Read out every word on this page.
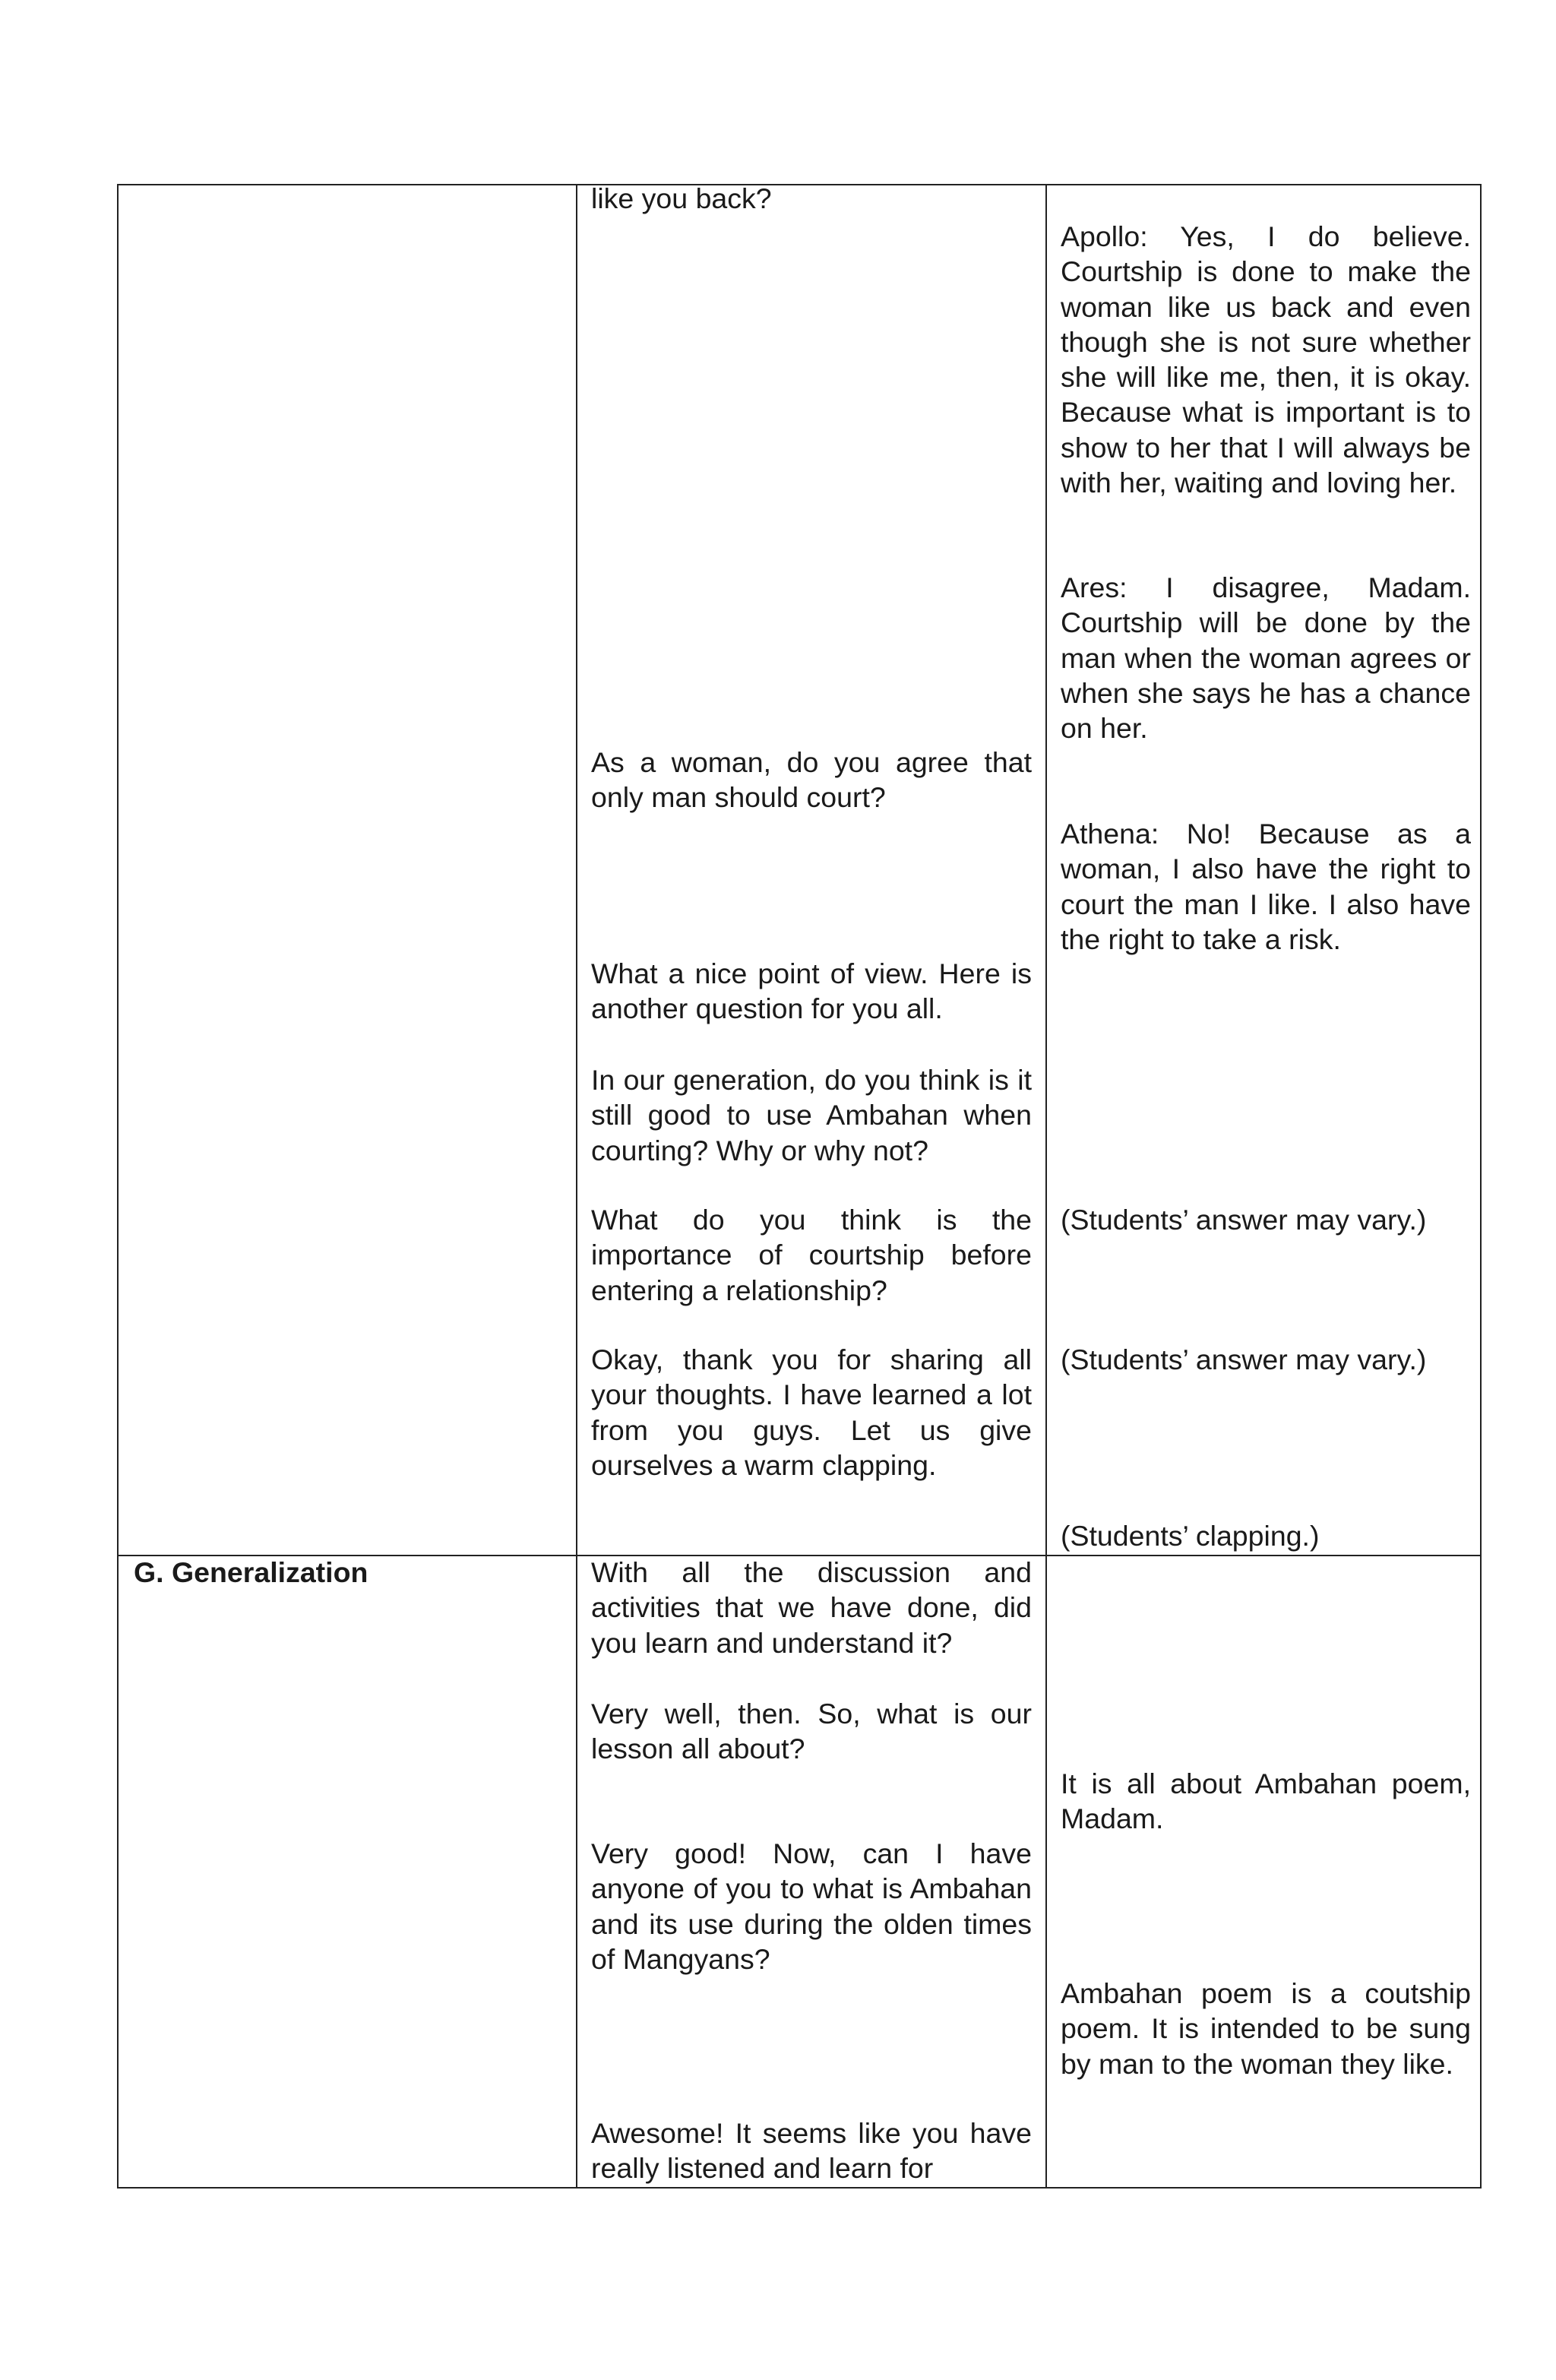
like you back?

As a woman, do you agree that only man should court?

What a nice point of view. Here is another question for you all.

In our generation, do you think is it still good to use Ambahan when courting? Why or why not?

What do you think is the importance of courtship before entering a relationship?

Okay, thank you for sharing all your thoughts. I have learned a lot from you guys. Let us give ourselves a warm clapping.

Apollo: Yes, I do believe. Courtship is done to make the woman like us back and even though she is not sure whether she will like me, then, it is okay. Because what is important is to show to her that I will always be with her, waiting and loving her.

Ares: I disagree, Madam. Courtship will be done by the man when the woman agrees or when she says he has a chance on her.

Athena: No! Because as a woman, I also have the right to court the man I like. I also have the right to take a risk.

(Students’ answer may vary.)

(Students’ answer may vary.)

(Students’ clapping.)

G. Generalization	With all the discussion and activities that we have done, did you learn and understand it?

Very well, then. So, what is our lesson all about?

Very good! Now, can I have anyone of you to what is Ambahan and its use during the olden times of Mangyans?

Awesome! It seems like you have really listened and learn for

It is all about Ambahan poem, Madam.

Ambahan poem is a coutship poem. It is intended to be sung by man to the woman they like.
